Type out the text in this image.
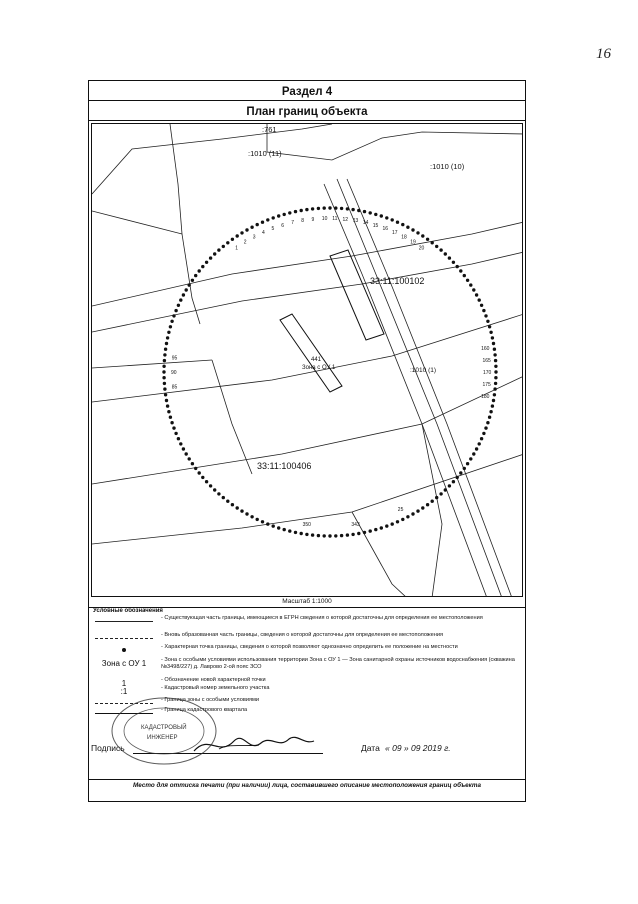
16
Раздел 4
План границ объекта
1
2
3
4
5
6 7 8 9 10 11 12 13 14 15
16
17
18
19
20
160
165
170
175
180
85
90
95
25
343
350
:761
:1010 (11)
:1010 (10)
33:11:100102
33:11:100406
441
Зона с ОУ 1	:1010 (1)
Масштаб 1:1000
Условные обозначения
- Существующая часть границы, имеющиеся в ЕГРН сведения о которой достаточны для определения ее местоположения
- Вновь образованная часть границы, сведения о которой достаточны для определения ее местоположения
- Характерная точка границы, сведения о которой позволяют однозначно определить ее положение на местности
Зона с ОУ 1	- Зона с особыми условиями использования территории Зона с ОУ 1 — Зона санитарной охраны источников водоснабжения (скважина №3498/227) д. Лаврово 2-ой пояс ЗСО
1	- Обозначение новой характерной точки
:1	- Кадастровый номер земельного участка
- Граница зоны с особыми условиями
- Граница кадастрового квартала
Подпись	Дата « 09 » 09 2019 г.
КАДАСТРОВЫЙ
ИНЖЕНЕР
Место для оттиска печати (при наличии) лица, составившего описание местоположения границ объекта
